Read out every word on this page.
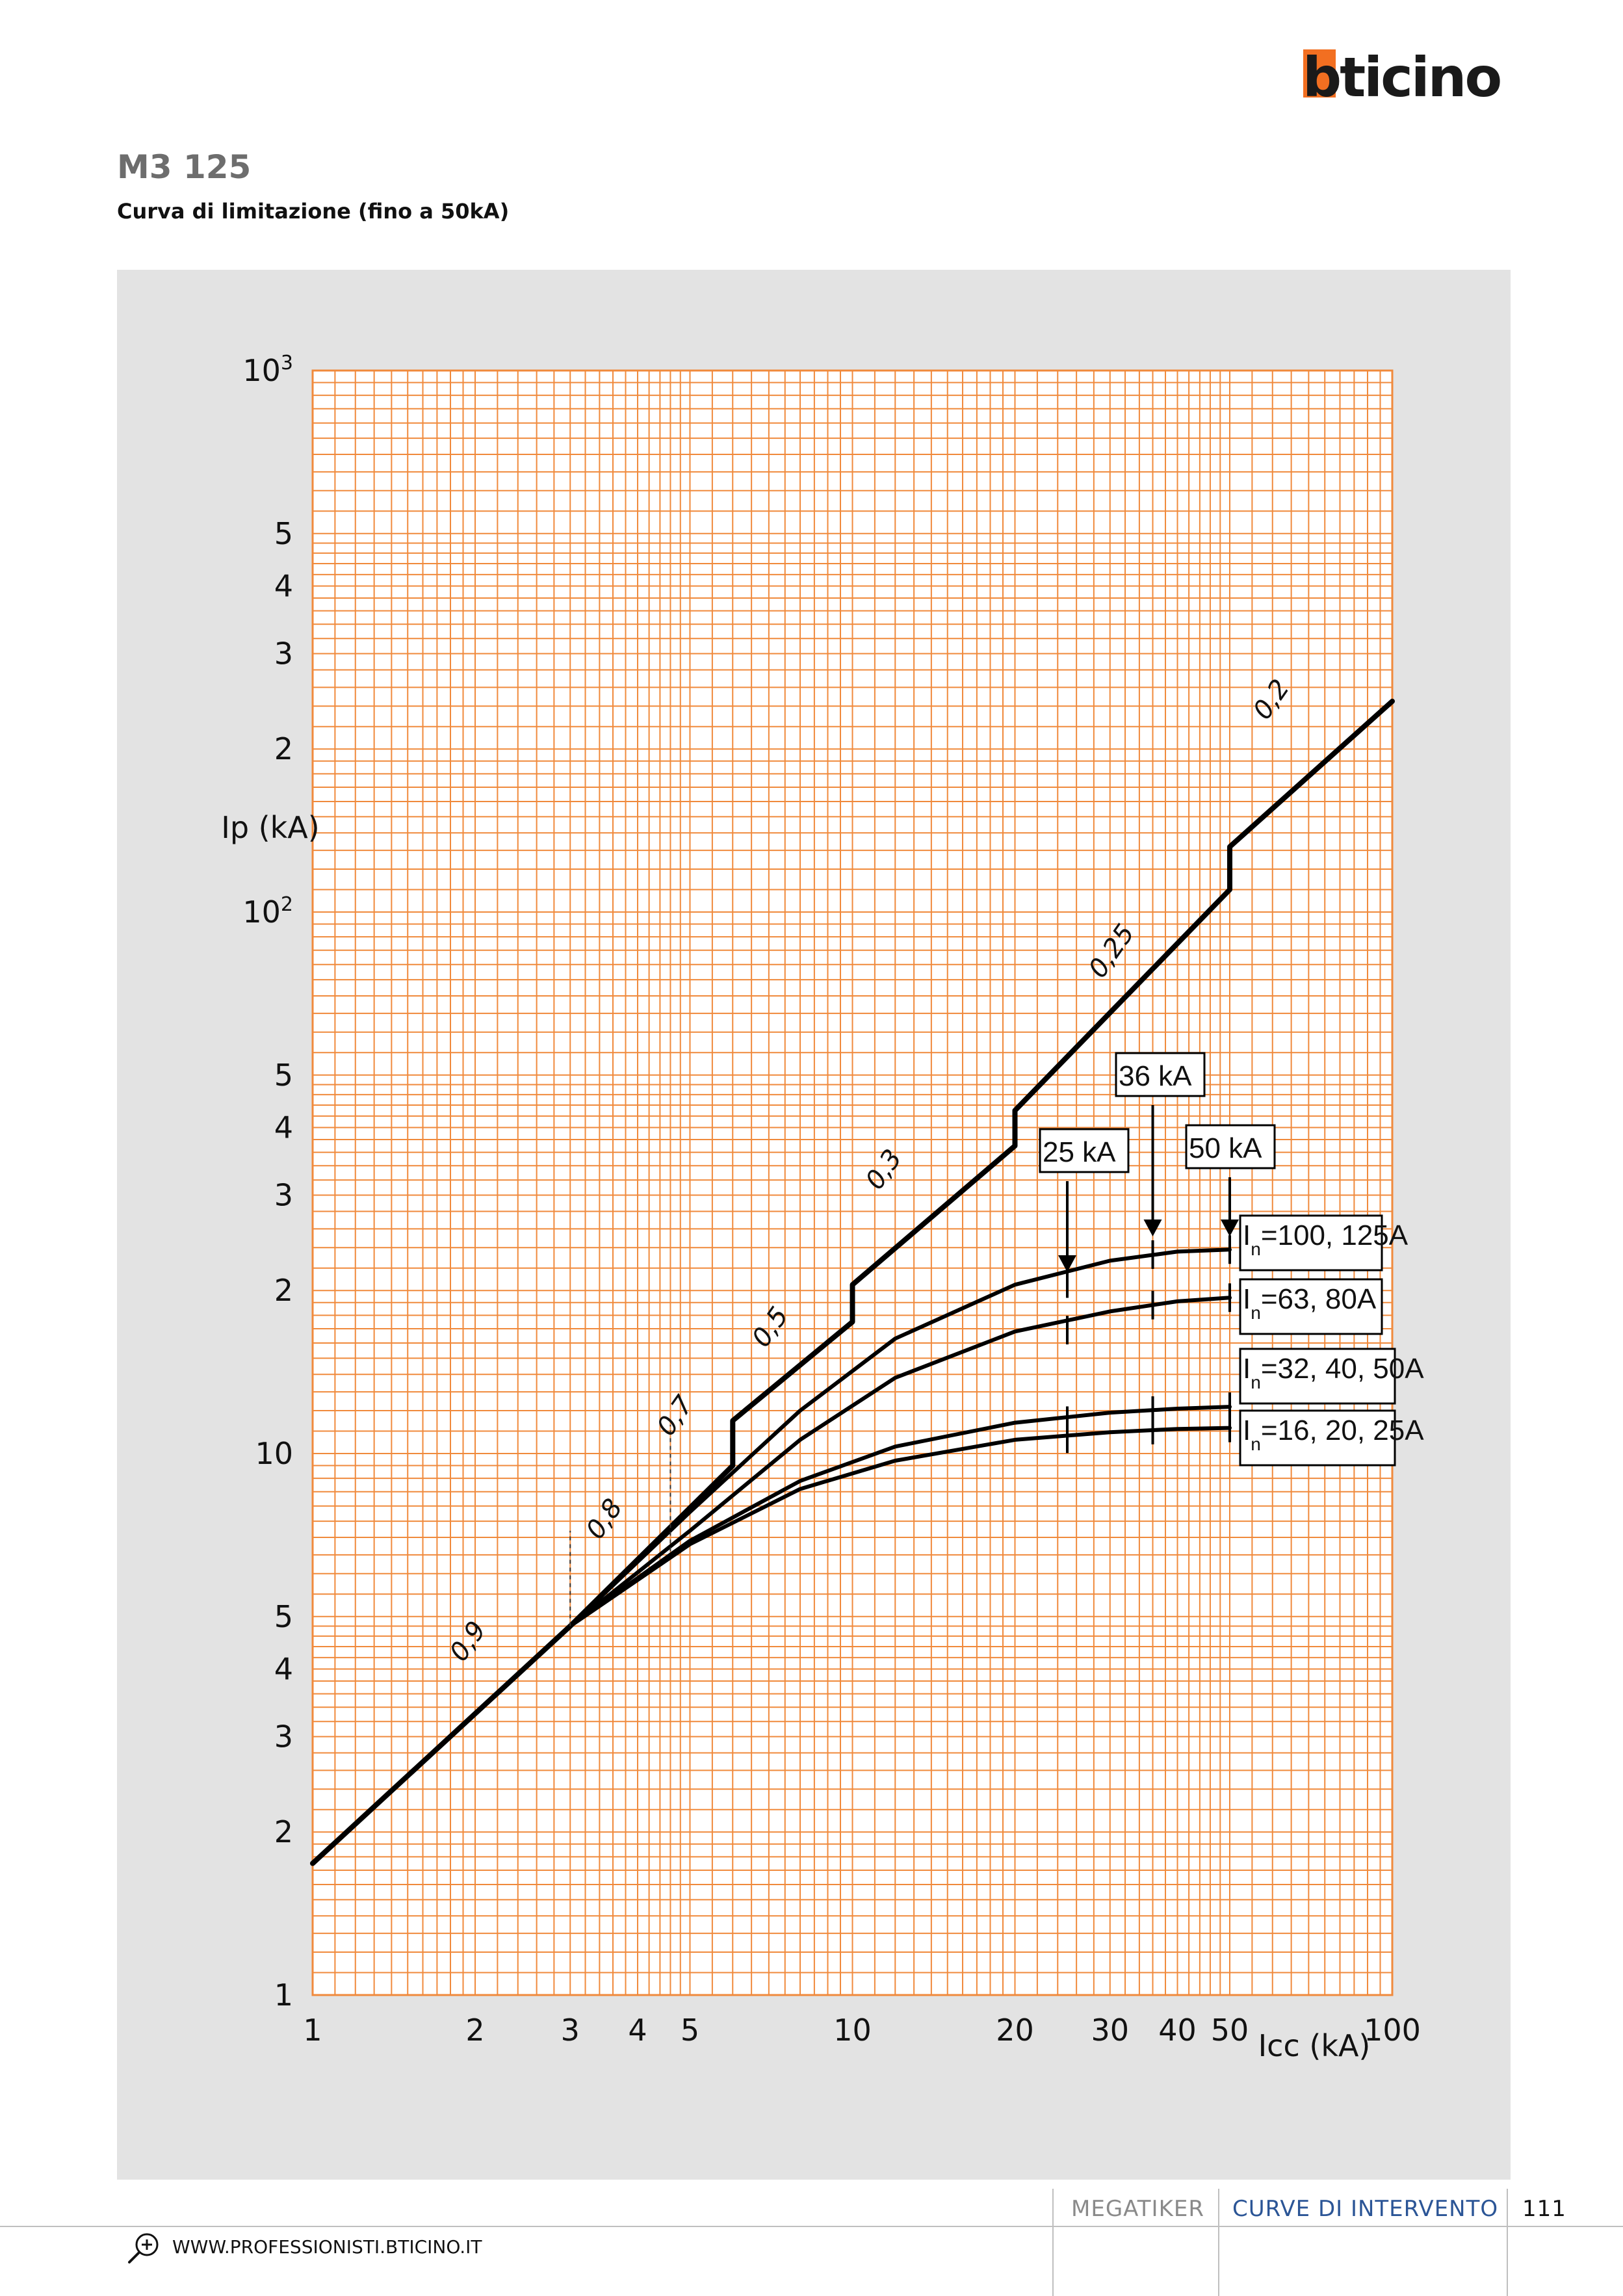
bticino
M3 125

Curva di limitazione (fino a 50kA)

1	2	3 4 5	10	20 30 40 50	100
1
2
3
4
5
10
2
3
4
5
$10^2$
2
3
4
5
$10^3$
Ip (kA)
Icc (kA)
0,9
0,8
0,7
0,5
0,3
0,25
0,2
25 kA
36 kA
50 kA
$I_n=100$, 125A
$I_n=63$, 80A
$I_n=32$, 40, 50A
$I_n=16$, 20, 25A

MEGATIKER CURVE DI INTERVENTO 111

WWW.PROFESSIONISTI.BTICINO.IT
